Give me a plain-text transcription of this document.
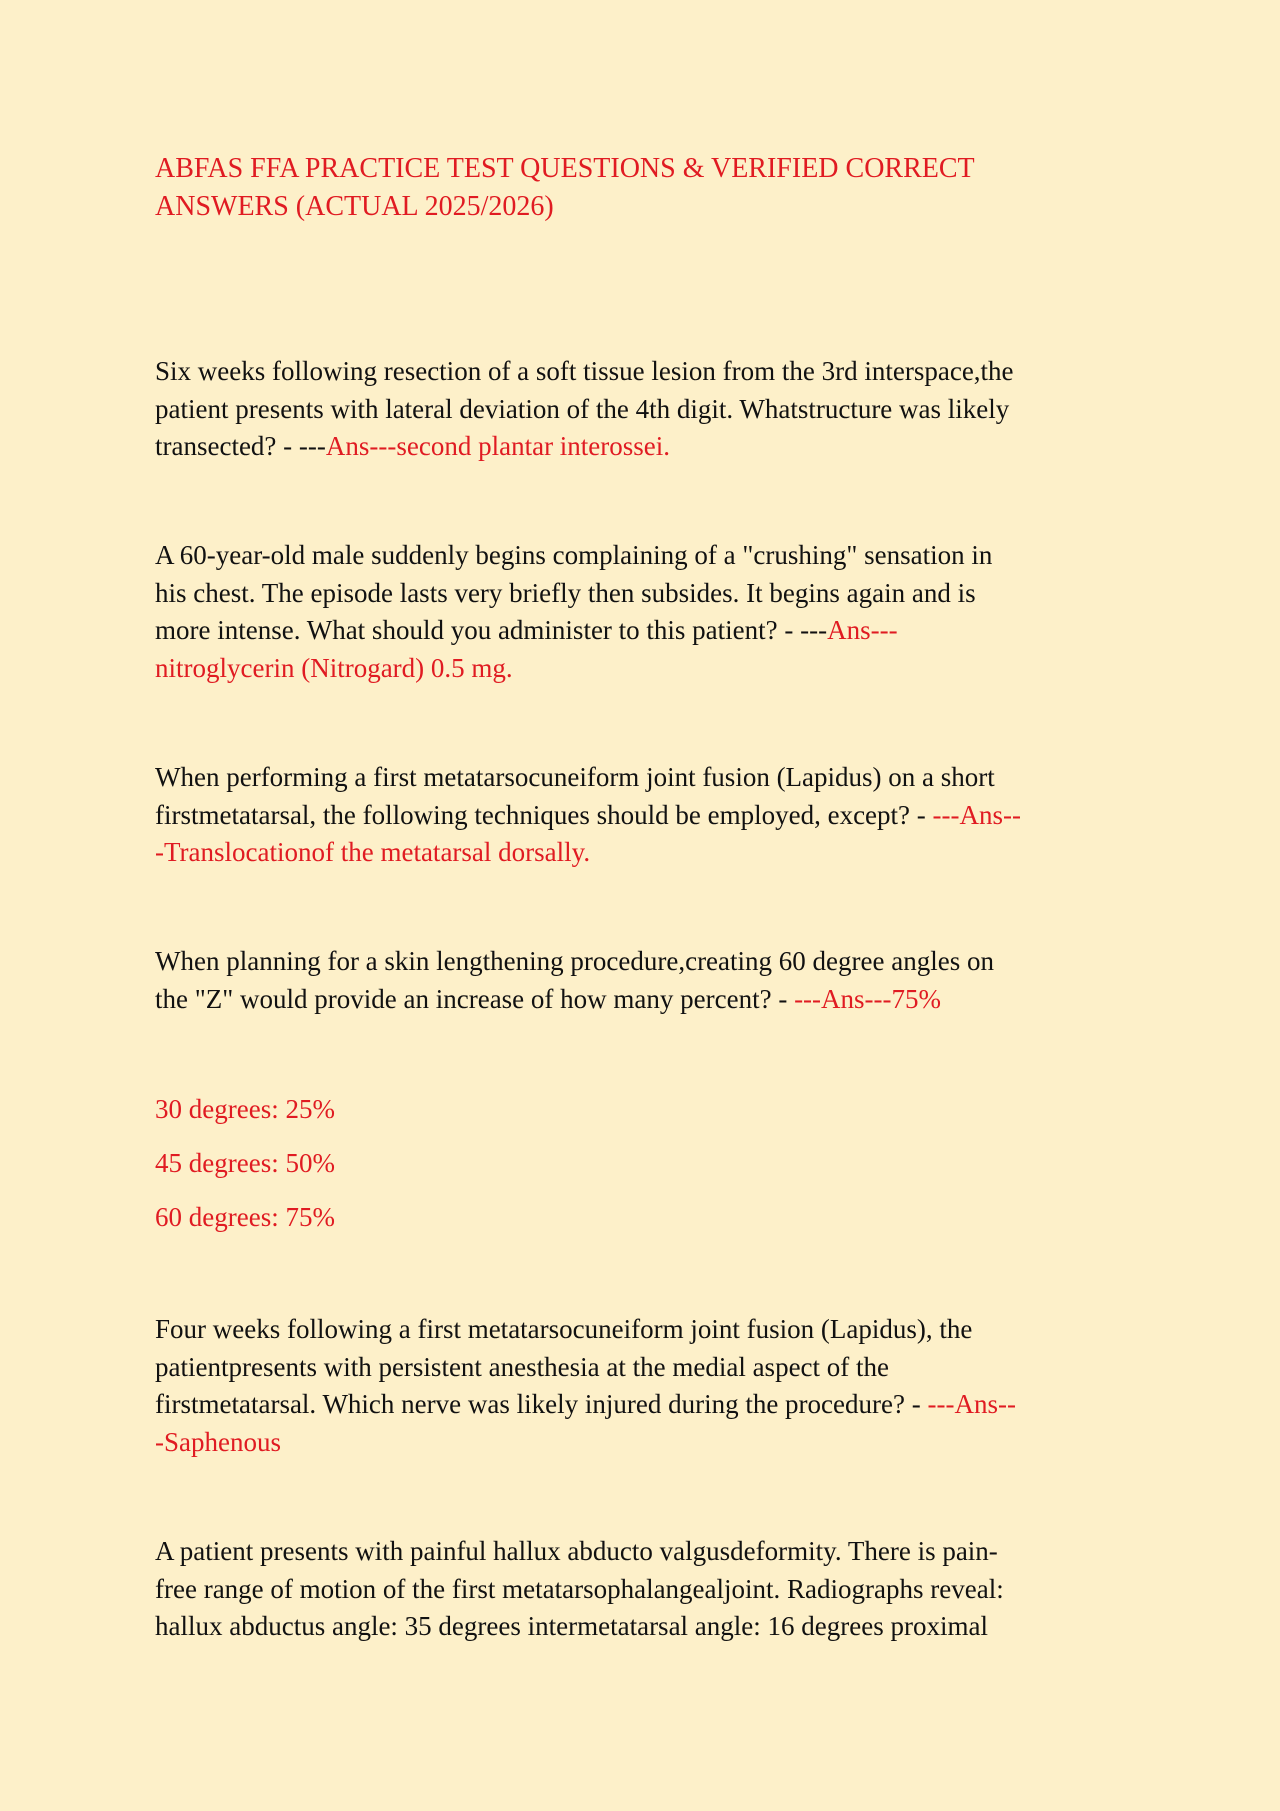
ABFAS FFA PRACTICE TEST QUESTIONS & VERIFIED CORRECT
ANSWERS (ACTUAL 2025/2026)

Six weeks following resection of a soft tissue lesion from the 3rd interspace,the
patient presents with lateral deviation of the 4th digit. Whatstructure was likely
transected? - ---Ans---second plantar interossei.

A 60-year-old male suddenly begins complaining of a "crushing" sensation in
his chest. The episode lasts very briefly then subsides. It begins again and is
more intense. What should you administer to this patient? - ---Ans---
nitroglycerin (Nitrogard) 0.5 mg.

When performing a first metatarsocuneiform joint fusion (Lapidus) on a short
firstmetatarsal, the following techniques should be employed, except? - ---Ans--
-Translocationof the metatarsal dorsally.

When planning for a skin lengthening procedure,creating 60 degree angles on
the "Z" would provide an increase of how many percent? - ---Ans---75%

30 degrees: 25%

45 degrees: 50%

60 degrees: 75%

Four weeks following a first metatarsocuneiform joint fusion (Lapidus), the
patientpresents with persistent anesthesia at the medial aspect of the
firstmetatarsal. Which nerve was likely injured during the procedure? - ---Ans--
-Saphenous

A patient presents with painful hallux abducto valgusdeformity. There is pain-
free range of motion of the first metatarsophalangealjoint. Radiographs reveal:
hallux abductus angle: 35 degrees intermetatarsal angle: 16 degrees proximal
